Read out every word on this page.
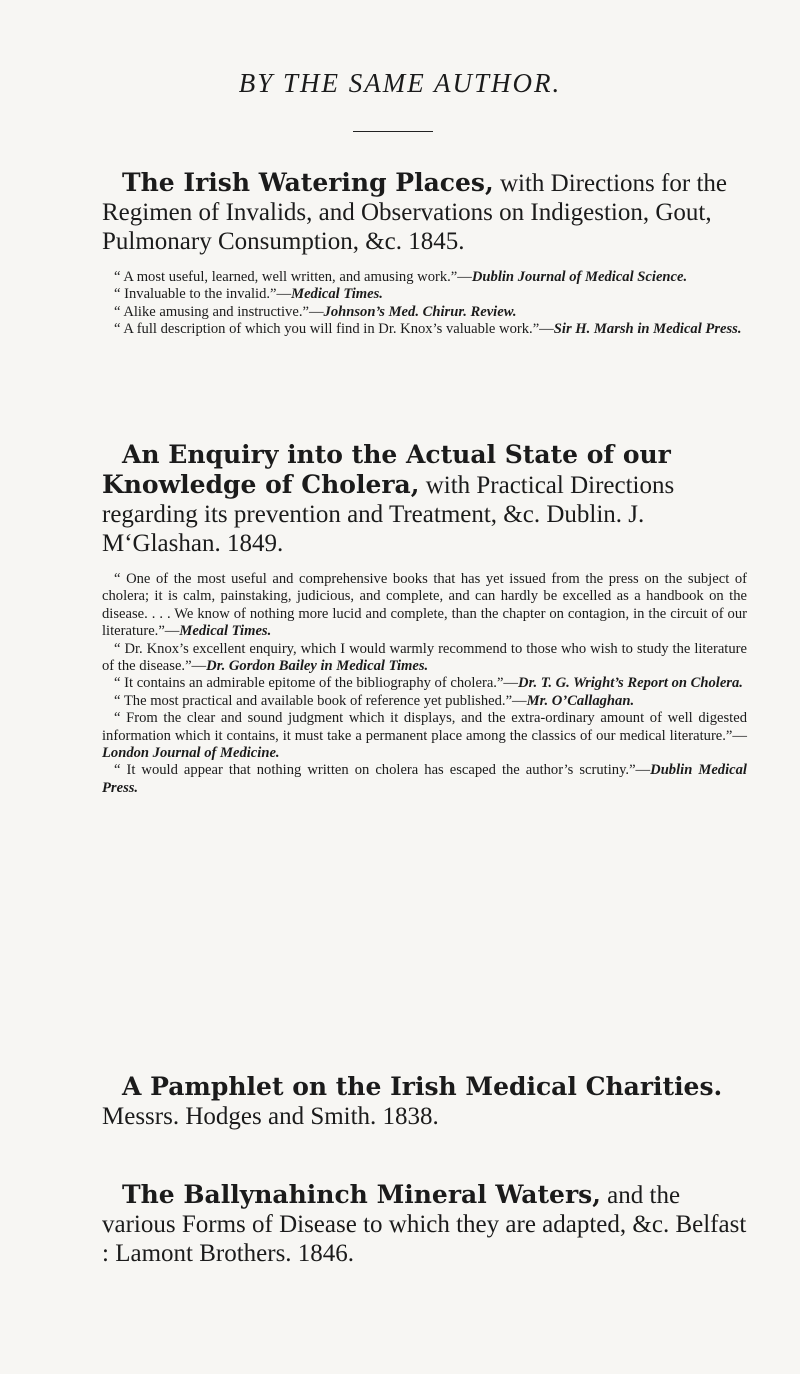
BY THE SAME AUTHOR.

The Irish Watering Places, with Directions for the Regimen of Invalids, and Observations on Indigestion, Gout, Pulmonary Consumption, &c. 1845.

“ A most useful, learned, well written, and amusing work.”—Dublin Journal of Medical Science.

“ Invaluable to the invalid.”—Medical Times.

“ Alike amusing and instructive.”—Johnson’s Med. Chirur. Review.

“ A full description of which you will find in Dr. Knox’s valuable work.”—Sir H. Marsh in Medical Press.

An Enquiry into the Actual State of our Knowledge of Cholera, with Practical Directions regarding its prevention and Treatment, &c. Dublin. J. M‘Glashan. 1849.

“ One of the most useful and comprehensive books that has yet issued from the press on the subject of cholera; it is calm, painstaking, judicious, and complete, and can hardly be excelled as a handbook on the disease. . . . We know of nothing more lucid and complete, than the chapter on contagion, in the circuit of our literature.”—Medical Times.

“ Dr. Knox’s excellent enquiry, which I would warmly recommend to those who wish to study the literature of the disease.”—Dr. Gordon Bailey in Medical Times.

“ It contains an admirable epitome of the bibliography of cholera.”—Dr. T. G. Wright’s Report on Cholera.

“ The most practical and available book of reference yet published.”—Mr. O’Callaghan.

“ From the clear and sound judgment which it displays, and the extra-ordinary amount of well digested information which it contains, it must take a permanent place among the classics of our medical literature.”—London Journal of Medicine.

“ It would appear that nothing written on cholera has escaped the author’s scrutiny.”—Dublin Medical Press.

A Pamphlet on the Irish Medical Charities. Messrs. Hodges and Smith. 1838.

The Ballynahinch Mineral Waters, and the various Forms of Disease to which they are adapted, &c. Belfast : Lamont Brothers. 1846.
